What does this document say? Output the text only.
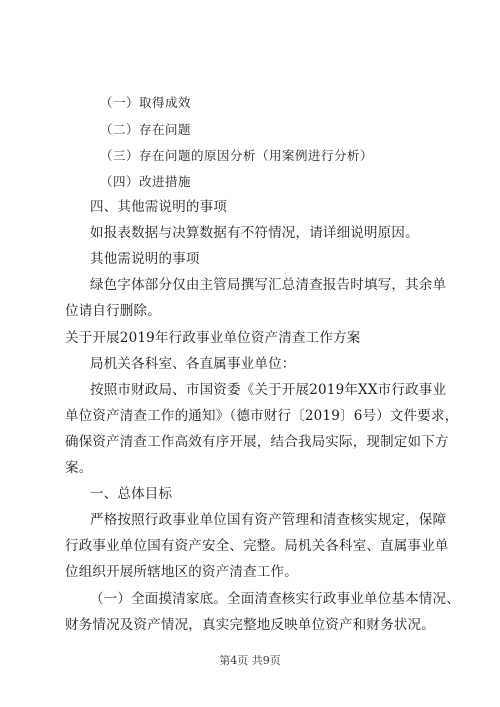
（一）取得成效
（二）存在问题
（三）存在问题的原因分析（用案例进行分析）
（四）改进措施
四、其他需说明的事项
如报表数据与决算数据有不符情况，请详细说明原因。
其他需说明的事项
绿色字体部分仅由主管局撰写汇总清查报告时填写，其余单
位请自行删除。
关于开展2019年行政事业单位资产清查工作方案
局机关各科室、各直属事业单位：
按照市财政局、市国资委《关于开展2019年XX市行政事业
单位资产清查工作的通知》（德市财行〔2019〕6号）文件要求，
确保资产清查工作高效有序开展，结合我局实际，现制定如下方
案。
一、总体目标
严格按照行政事业单位国有资产管理和清查核实规定，保障
行政事业单位国有资产安全、完整。局机关各科室、直属事业单
位组织开展所辖地区的资产清查工作。
（一）全面摸清家底。全面清查核实行政事业单位基本情况、
财务情况及资产情况，真实完整地反映单位资产和财务状况。
第4页 共9页
